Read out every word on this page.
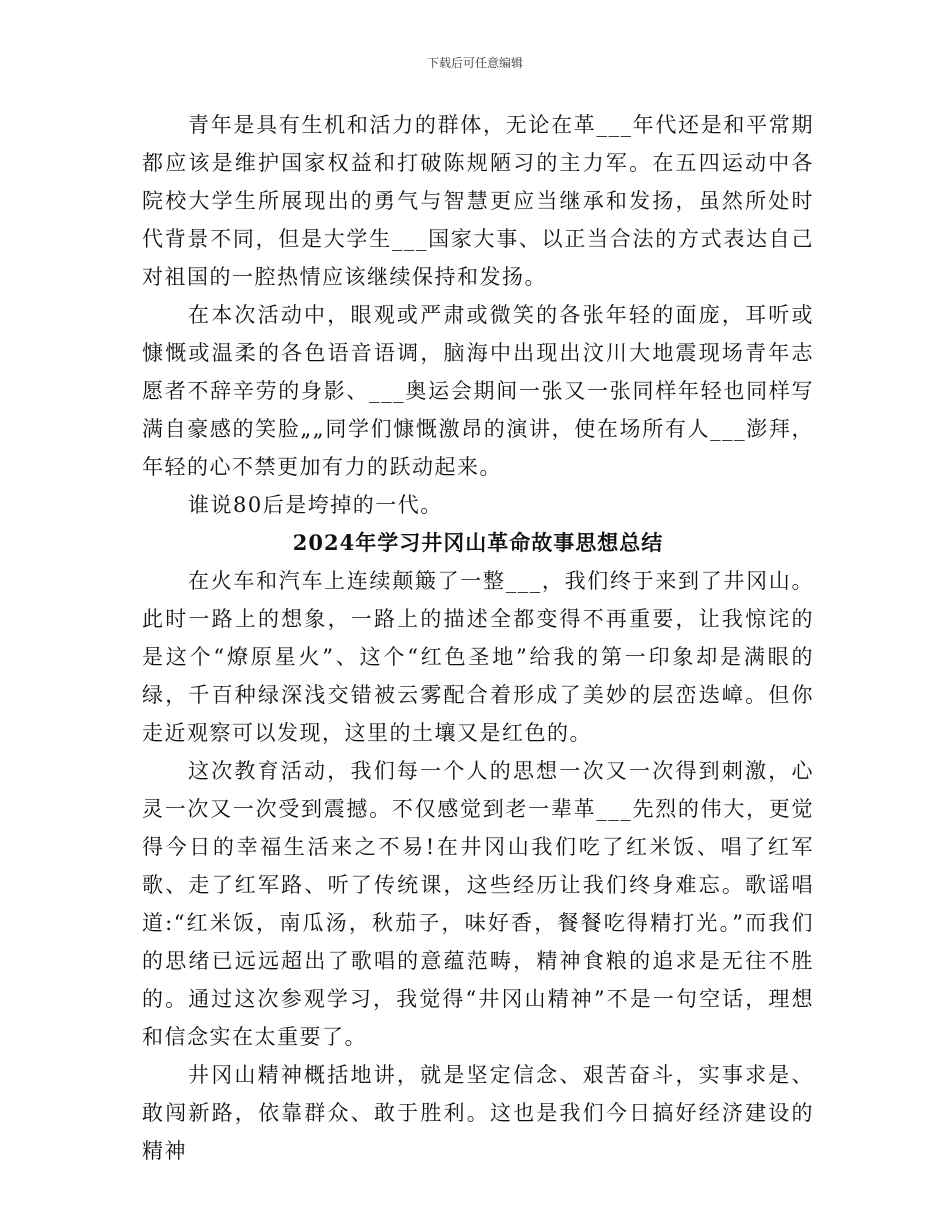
下载后可任意编辑

青年是具有生机和活力的群体，无论在革___年代还是和平常期都应该是维护国家权益和打破陈规陋习的主力军。在五四运动中各院校大学生所展现出的勇气与智慧更应当继承和发扬，虽然所处时代背景不同，但是大学生___国家大事、以正当合法的方式表达自己对祖国的一腔热情应该继续保持和发扬。

在本次活动中，眼观或严肃或微笑的各张年轻的面庞，耳听或慷慨或温柔的各色语音语调，脑海中出现出汶川大地震现场青年志愿者不辞辛劳的身影、___奥运会期间一张又一张同样年轻也同样写满自豪感的笑脸„„同学们慷慨激昂的演讲，使在场所有人___澎拜，年轻的心不禁更加有力的跃动起来。

谁说80后是垮掉的一代。

2024年学习井冈山革命故事思想总结

在火车和汽车上连续颠簸了一整___，我们终于来到了井冈山。此时一路上的想象，一路上的描述全都变得不再重要，让我惊诧的是这个“燎原星火”、这个“红色圣地”给我的第一印象却是满眼的绿，千百种绿深浅交错被云雾配合着形成了美妙的层峦迭嶂。但你走近观察可以发现，这里的土壤又是红色的。

这次教育活动，我们每一个人的思想一次又一次得到刺激，心灵一次又一次受到震撼。不仅感觉到老一辈革___先烈的伟大，更觉得今日的幸福生活来之不易!在井冈山我们吃了红米饭、唱了红军歌、走了红军路、听了传统课，这些经历让我们终身难忘。歌谣唱道:“红米饭，南瓜汤，秋茄子，味好香，餐餐吃得精打光。”而我们的思绪已远远超出了歌唱的意蕴范畴，精神食粮的追求是无往不胜的。通过这次参观学习，我觉得“井冈山精神”不是一句空话，理想和信念实在太重要了。

井冈山精神概括地讲，就是坚定信念、艰苦奋斗，实事求是、敢闯新路，依靠群众、敢于胜利。这也是我们今日搞好经济建设的精神
